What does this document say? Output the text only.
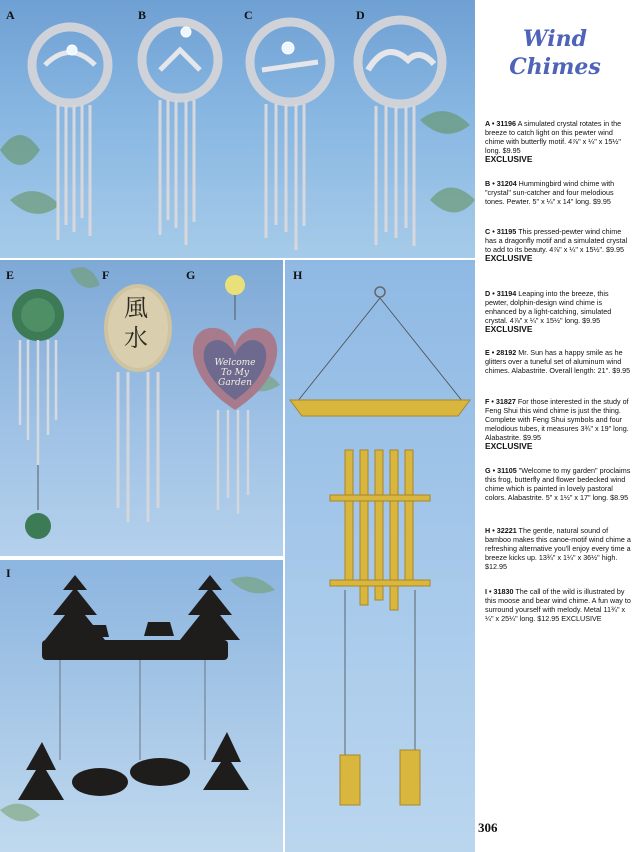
A	B	C	D
E	F	G
風
水
Welcome
To My
Garden
H
I
Wind
Chimes
A • 31196 A simulated crystal rotates in the breeze to catch light on this pewter wind chime with butterfly motif. 4⅞" x ¼" x 15½" long. $9.95
EXCLUSIVE
B • 31204 Hummingbird wind chime with "crystal" sun-catcher and four melodious tones. Pewter. 5" x ¼" x 14" long. $9.95
C • 31195 This pressed-pewter wind chime has a dragonfly motif and a simulated crystal to add to its beauty. 4⅞" x ¼" x 15½". $9.95
EXCLUSIVE
D • 31194 Leaping into the breeze, this pewter, dolphin-design wind chime is enhanced by a light-catching, simulated crystal. 4⅞" x ¼" x 15½" long. $9.95
EXCLUSIVE
E • 28192 Mr. Sun has a happy smile as he glitters over a tuneful set of aluminum wind chimes. Alabastrite. Overall length: 21". $9.95
F • 31827 For those interested in the study of Feng Shui this wind chime is just the thing. Complete with Feng Shui symbols and four melodious tubes, it measures 3¾" x 19" long. Alabastrite. $9.95
EXCLUSIVE
G • 31105 "Welcome to my garden" proclaims this frog, butterfly and flower bedecked wind chime which is painted in lovely pastoral colors. Alabastrite. 5" x 1½" x 17" long. $8.95
H • 32221 The gentle, natural sound of bamboo makes this canoe-motif wind chime a refreshing alternative you'll enjoy every time a breeze kicks up. 13¾" x 1¼" x 36½" high. $12.95
I • 31830 The call of the wild is illustrated by this moose and bear wind chime. A fun way to surround yourself with melody. Metal 11¾" x ¼" x 25¼" long. $12.95 EXCLUSIVE
306
